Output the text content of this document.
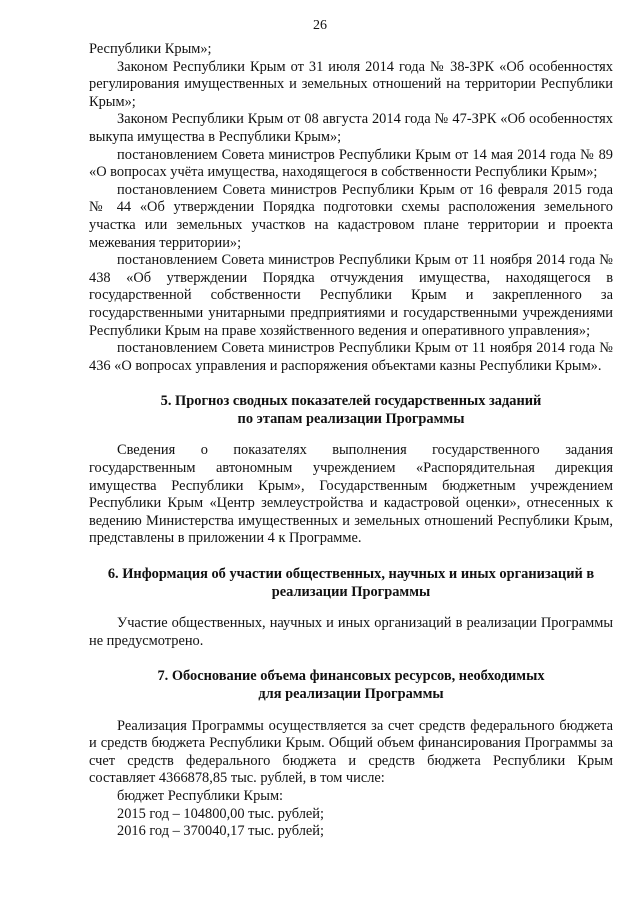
26

Республики Крым»;

Законом Республики Крым от 31 июля 2014 года № 38-ЗРК «Об особенностях регулирования имущественных и земельных отношений на территории Республики Крым»;

Законом Республики Крым от 08 августа 2014 года № 47-ЗРК «Об особенностях выкупа имущества в Республики Крым»;

постановлением Совета министров Республики Крым от 14 мая 2014 года № 89 «О вопросах учёта имущества, находящегося в собственности Республики Крым»;

постановлением Совета министров Республики Крым от 16 февраля 2015 года № 44 «Об утверждении Порядка подготовки схемы расположения земельного участка или земельных участков на кадастровом плане территории и проекта межевания территории»;

постановлением Совета министров Республики Крым от 11 ноября 2014 года № 438 «Об утверждении Порядка отчуждения имущества, находящегося в государственной собственности Республики Крым и закрепленного за государственными унитарными предприятиями и государственными учреждениями Республики Крым на праве хозяйственного ведения и оперативного управления»;

постановлением Совета министров Республики Крым от 11 ноября 2014 года № 436 «О вопросах управления и распоряжения объектами казны Республики Крым».

5. Прогноз сводных показателей государственных заданий
по этапам реализации Программы

Сведения о показателях выполнения государственного задания государственным автономным учреждением «Распорядительная дирекция имущества Республики Крым», Государственным бюджетным учреждением Республики Крым «Центр землеустройства и кадастровой оценки», отнесенных к ведению Министерства имущественных и земельных отношений Республики Крым, представлены в приложении 4 к Программе.

6. Информация об участии общественных, научных и иных организаций в
реализации Программы

Участие общественных, научных и иных организаций в реализации Программы не предусмотрено.

7. Обоснование объема финансовых ресурсов, необходимых
для реализации Программы

Реализация Программы осуществляется за счет средств федерального бюджета и средств бюджета Республики Крым. Общий объем финансирования Программы за счет средств федерального бюджета и средств бюджета Республики Крым составляет 4366878,85 тыс. рублей, в том числе:

бюджет Республики Крым:
2015 год – 104800,00 тыс. рублей;
2016 год – 370040,17 тыс. рублей;
